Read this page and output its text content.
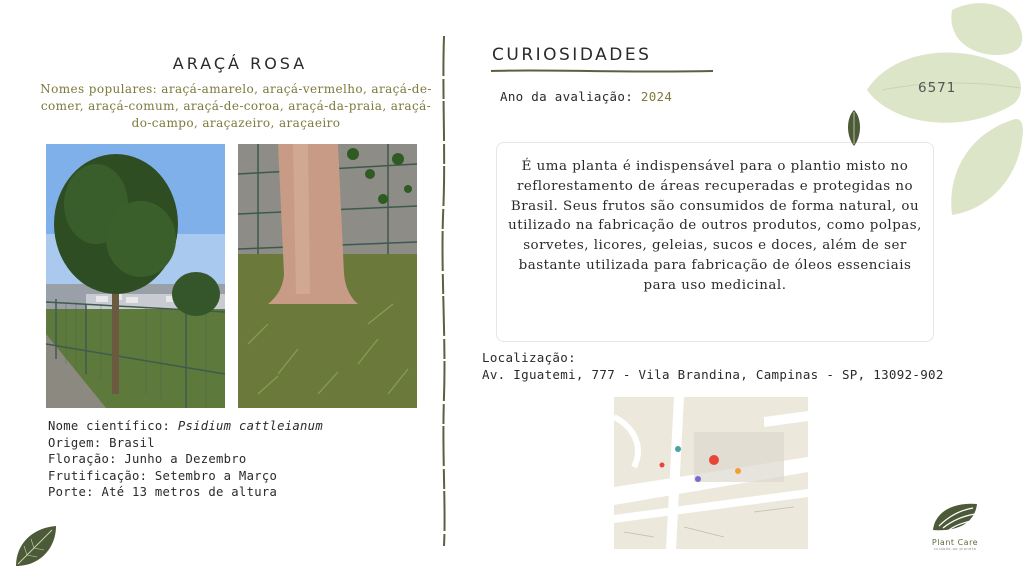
ARAÇÁ ROSA
Nomes populares: araçá-amarelo, araçá-vermelho, araçá-de-comer, araçá-comum, araçá-de-coroa, araçá-da-praia, araçá-do-campo, araçazeiro, araçaeiro
Nome científico: Psidium cattleianum
Origem: Brasil
Floração: Junho a Dezembro
Frutificação: Setembro a Março
Porte: Até 13 metros de altura
CURIOSIDADES
Ano da avaliação: 2024
É uma planta é indispensável para o plantio misto no reflorestamento de áreas recuperadas e protegidas no Brasil. Seus frutos são consumidos de forma natural, ou utilizado na fabricação de outros produtos, como polpas, sorvetes, licores, geleias, sucos e doces, além de ser bastante utilizada para fabricação de óleos essenciais para uso medicinal.
Localização:
Av. Iguatemi, 777 - Vila Brandina, Campinas - SP, 13092-902
6571
Plant Care
cuidado ao planeta
